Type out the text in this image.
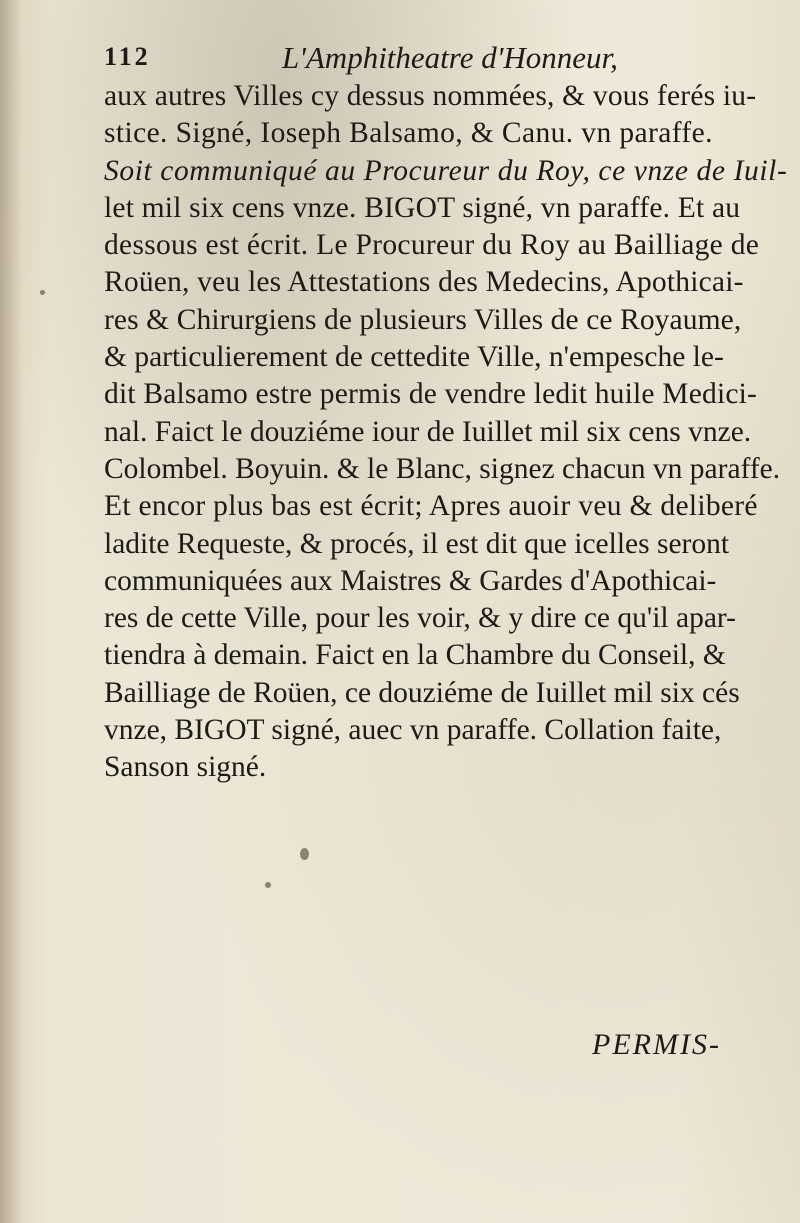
112	L'Amphitheatre d'Honneur,
aux autres Villes cy dessus nommées, & vous ferés iu-
stice. Signé, Ioseph Balsamo, & Canu. vn paraffe.
Soit communiqué au Procureur du Roy, ce vnze de Iuil-
let mil six cens vnze. BIGOT signé, vn paraffe. Et au
dessous est écrit. Le Procureur du Roy au Bailliage de
Roüen, veu les Attestations des Medecins, Apothicai-
res & Chirurgiens de plusieurs Villes de ce Royaume,
& particulierement de cettedite Ville, n'empesche le-
dit Balsamo estre permis de vendre ledit huile Medici-
nal. Faict le douziéme iour de Iuillet mil six cens vnze.
Colombel. Boyuin. & le Blanc, signez chacun vn paraffe.
Et encor plus bas est écrit; Apres auoir veu & deliberé
ladite Requeste, & procés, il est dit que icelles seront
communiquées aux Maistres & Gardes d'Apothicai-
res de cette Ville, pour les voir, & y dire ce qu'il apar-
tiendra à demain. Faict en la Chambre du Conseil, &
Bailliage de Roüen, ce douziéme de Iuillet mil six cés
vnze, BIGOT signé, auec vn paraffe. Collation faite,
Sanson signé.
PERMIS-
